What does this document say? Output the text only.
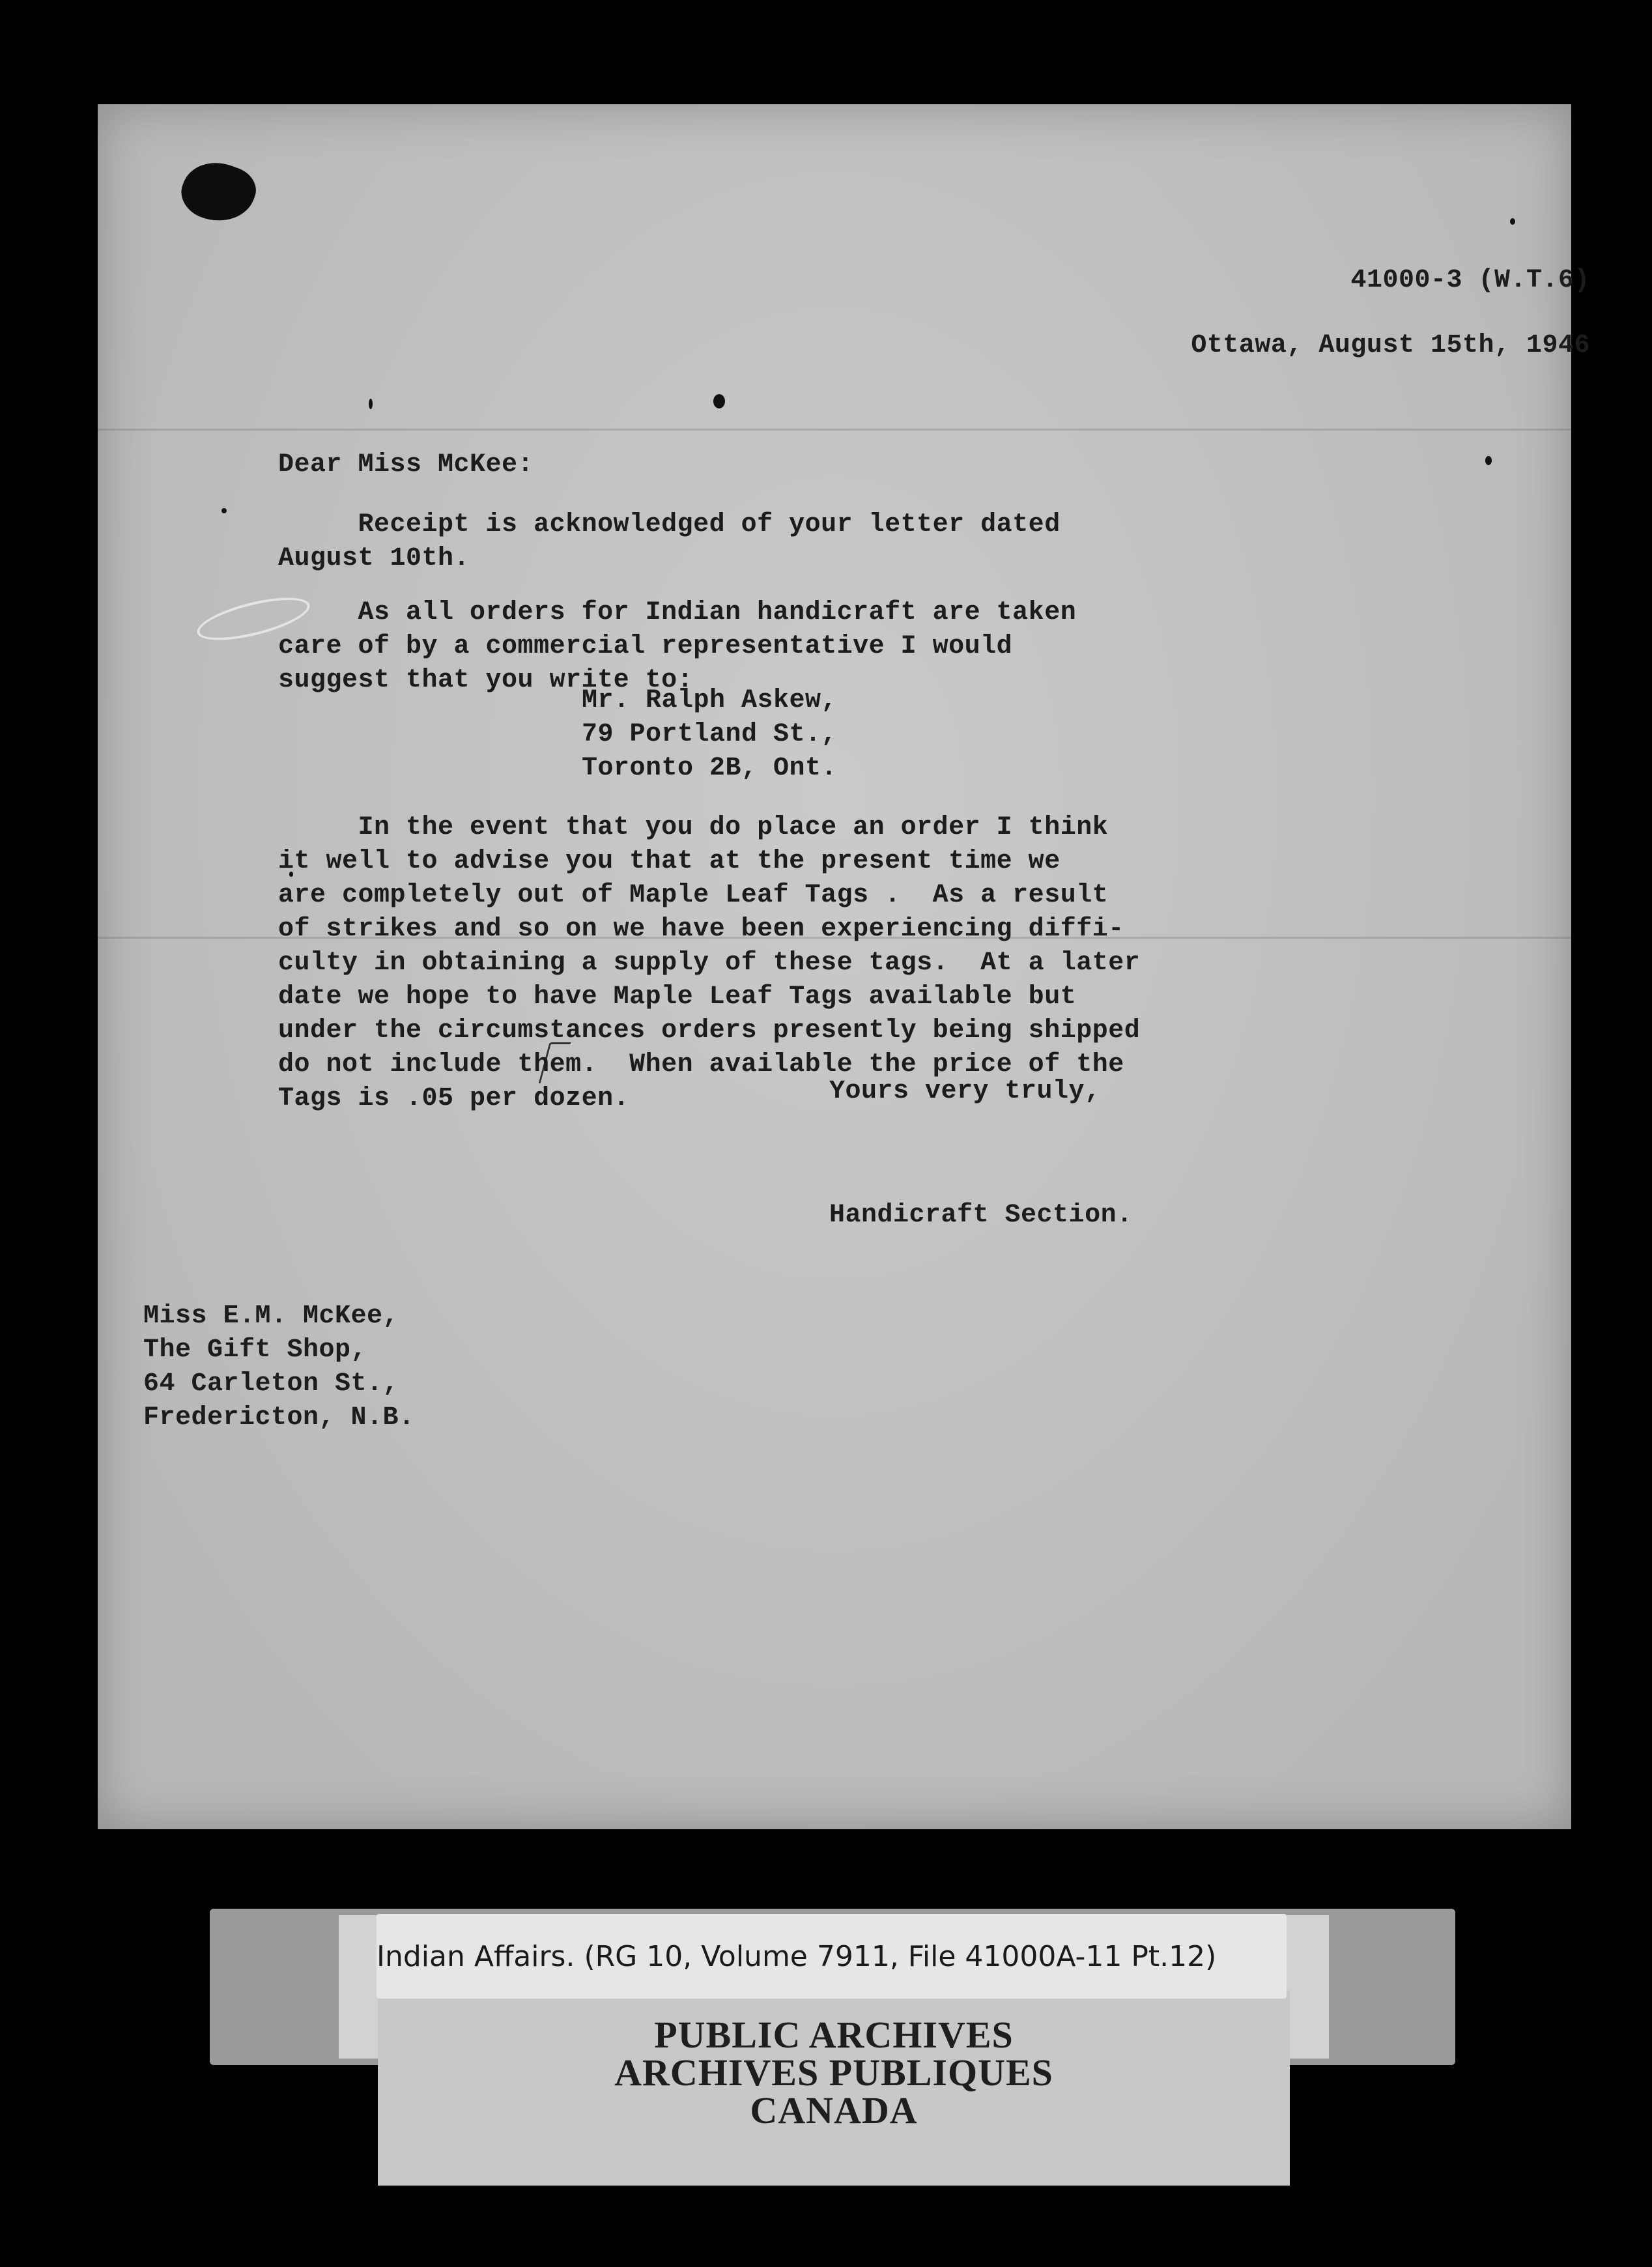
41000-3 (W.T.6)

Ottawa, August 15th, 1946

Dear Miss McKee:

Receipt is acknowledged of your letter dated
August 10th.

As all orders for Indian handicraft are taken
care of by a commercial representative I would
suggest that you write to:

Mr. Ralph Askew,
79 Portland St.,
Toronto 2B, Ont.

In the event that you do place an order I think
it well to advise you that at the present time we
are completely out of Maple Leaf Tags .  As a result
of strikes and so on we have been experiencing diffi-
culty in obtaining a supply of these tags.  At a later
date we hope to have Maple Leaf Tags available but
under the circumstances orders presently being shipped
do not include them.  When available the price of the
Tags is .05 per dozen.	Yours very truly,

Handicraft Section.

Miss E.M. McKee,
The Gift Shop,
64 Carleton St.,
Fredericton, N.B.

PUBLIC ARCHIVES
ARCHIVES PUBLIQUES
CANADA
Indian Affairs. (RG 10, Volume 7911, File 41000A-11 Pt.12)
